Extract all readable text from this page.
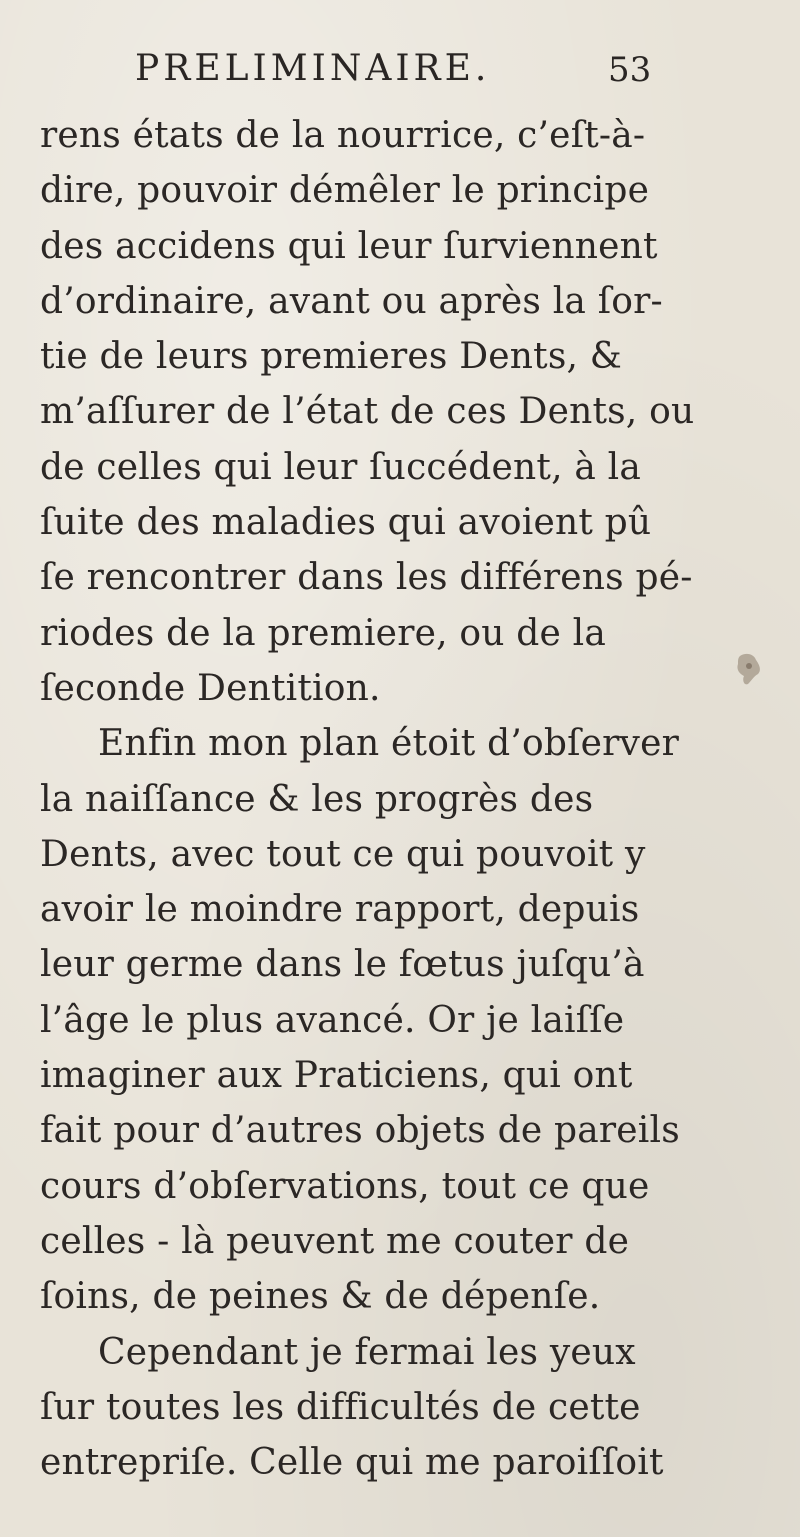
PRELIMINAIRE.	53
rens états de la nourrice, c’eſt-à-
dire, pouvoir démêler le principe
des accidens qui leur ſurviennent
d’ordinaire, avant ou après la ſor-
tie de leurs premieres Dents, &
m’aſſurer de l’état de ces Dents, ou
de celles qui leur ſuccédent, à la
ſuite des maladies qui avoient pû
ſe rencontrer dans les différens pé-
riodes de la premiere, ou de la
ſeconde Dentition.
Enfin mon plan étoit d’obſerver
la naiſſance & les progrès des
Dents, avec tout ce qui pouvoit y
avoir le moindre rapport, depuis
leur germe dans le fœtus juſqu’à
l’âge le plus avancé. Or je laiſſe
imaginer aux Praticiens, qui ont
fait pour d’autres objets de pareils
cours d’obſervations, tout ce que
celles - là peuvent me couter de
ſoins, de peines & de dépenſe.
Cependant je fermai les yeux
ſur toutes les difficultés de cette
entrepriſe. Celle qui me paroiſſoit
